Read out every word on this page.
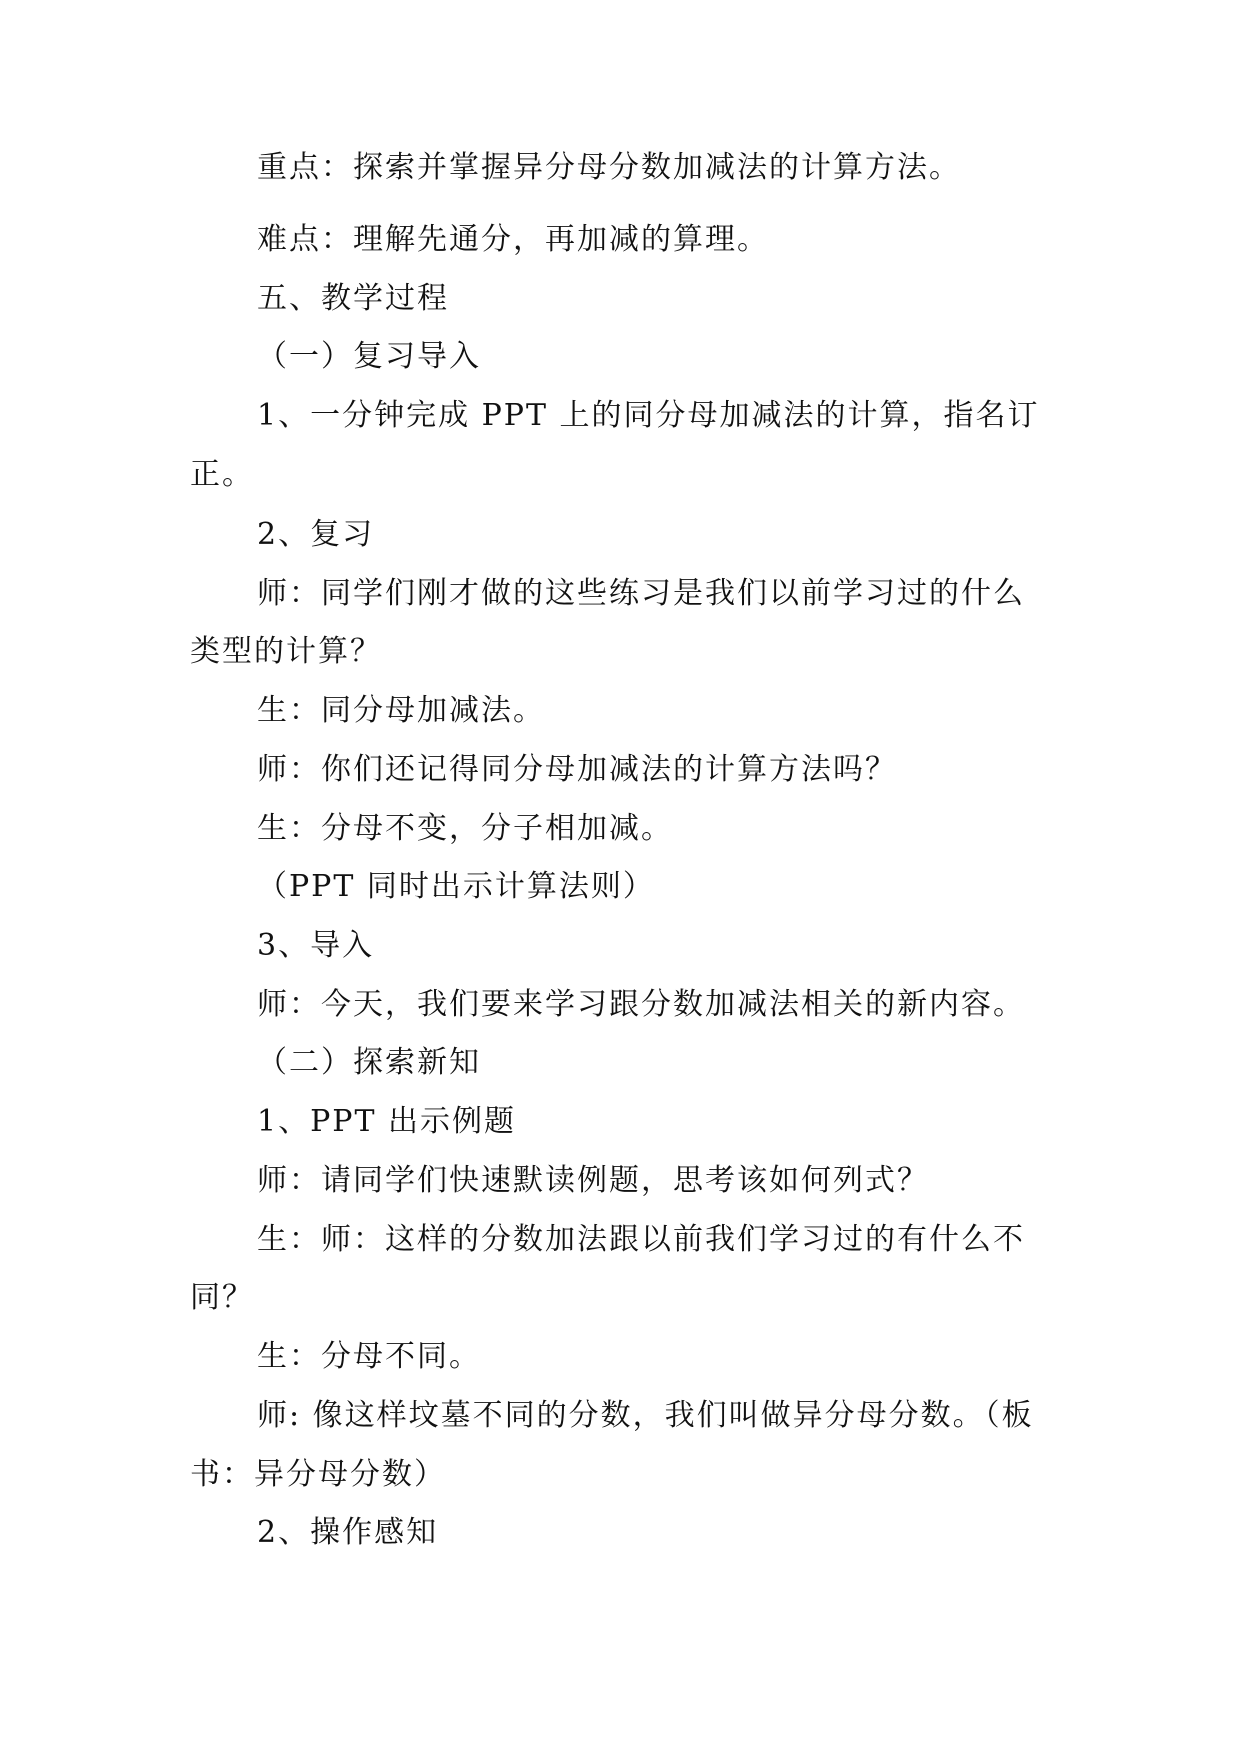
重点：探索并掌握异分母分数加减法的计算方法。
难点：理解先通分，再加减的算理。
五、教学过程
（一）复习导入
1、一分钟完成 PPT 上的同分母加减法的计算，指名订
正。
2、复习
师：同学们刚才做的这些练习是我们以前学习过的什么
类型的计算？
生：同分母加减法。
师：你们还记得同分母加减法的计算方法吗？
生：分母不变，分子相加减。
（PPT 同时出示计算法则）
3、导入
师：今天，我们要来学习跟分数加减法相关的新内容。
（二）探索新知
1、PPT 出示例题
师：请同学们快速默读例题，思考该如何列式？
生：师：这样的分数加法跟以前我们学习过的有什么不
同？
生：分母不同。
师: 像这样坟墓不同的分数，我们叫做异分母分数。（板
书：异分母分数）
2、操作感知
